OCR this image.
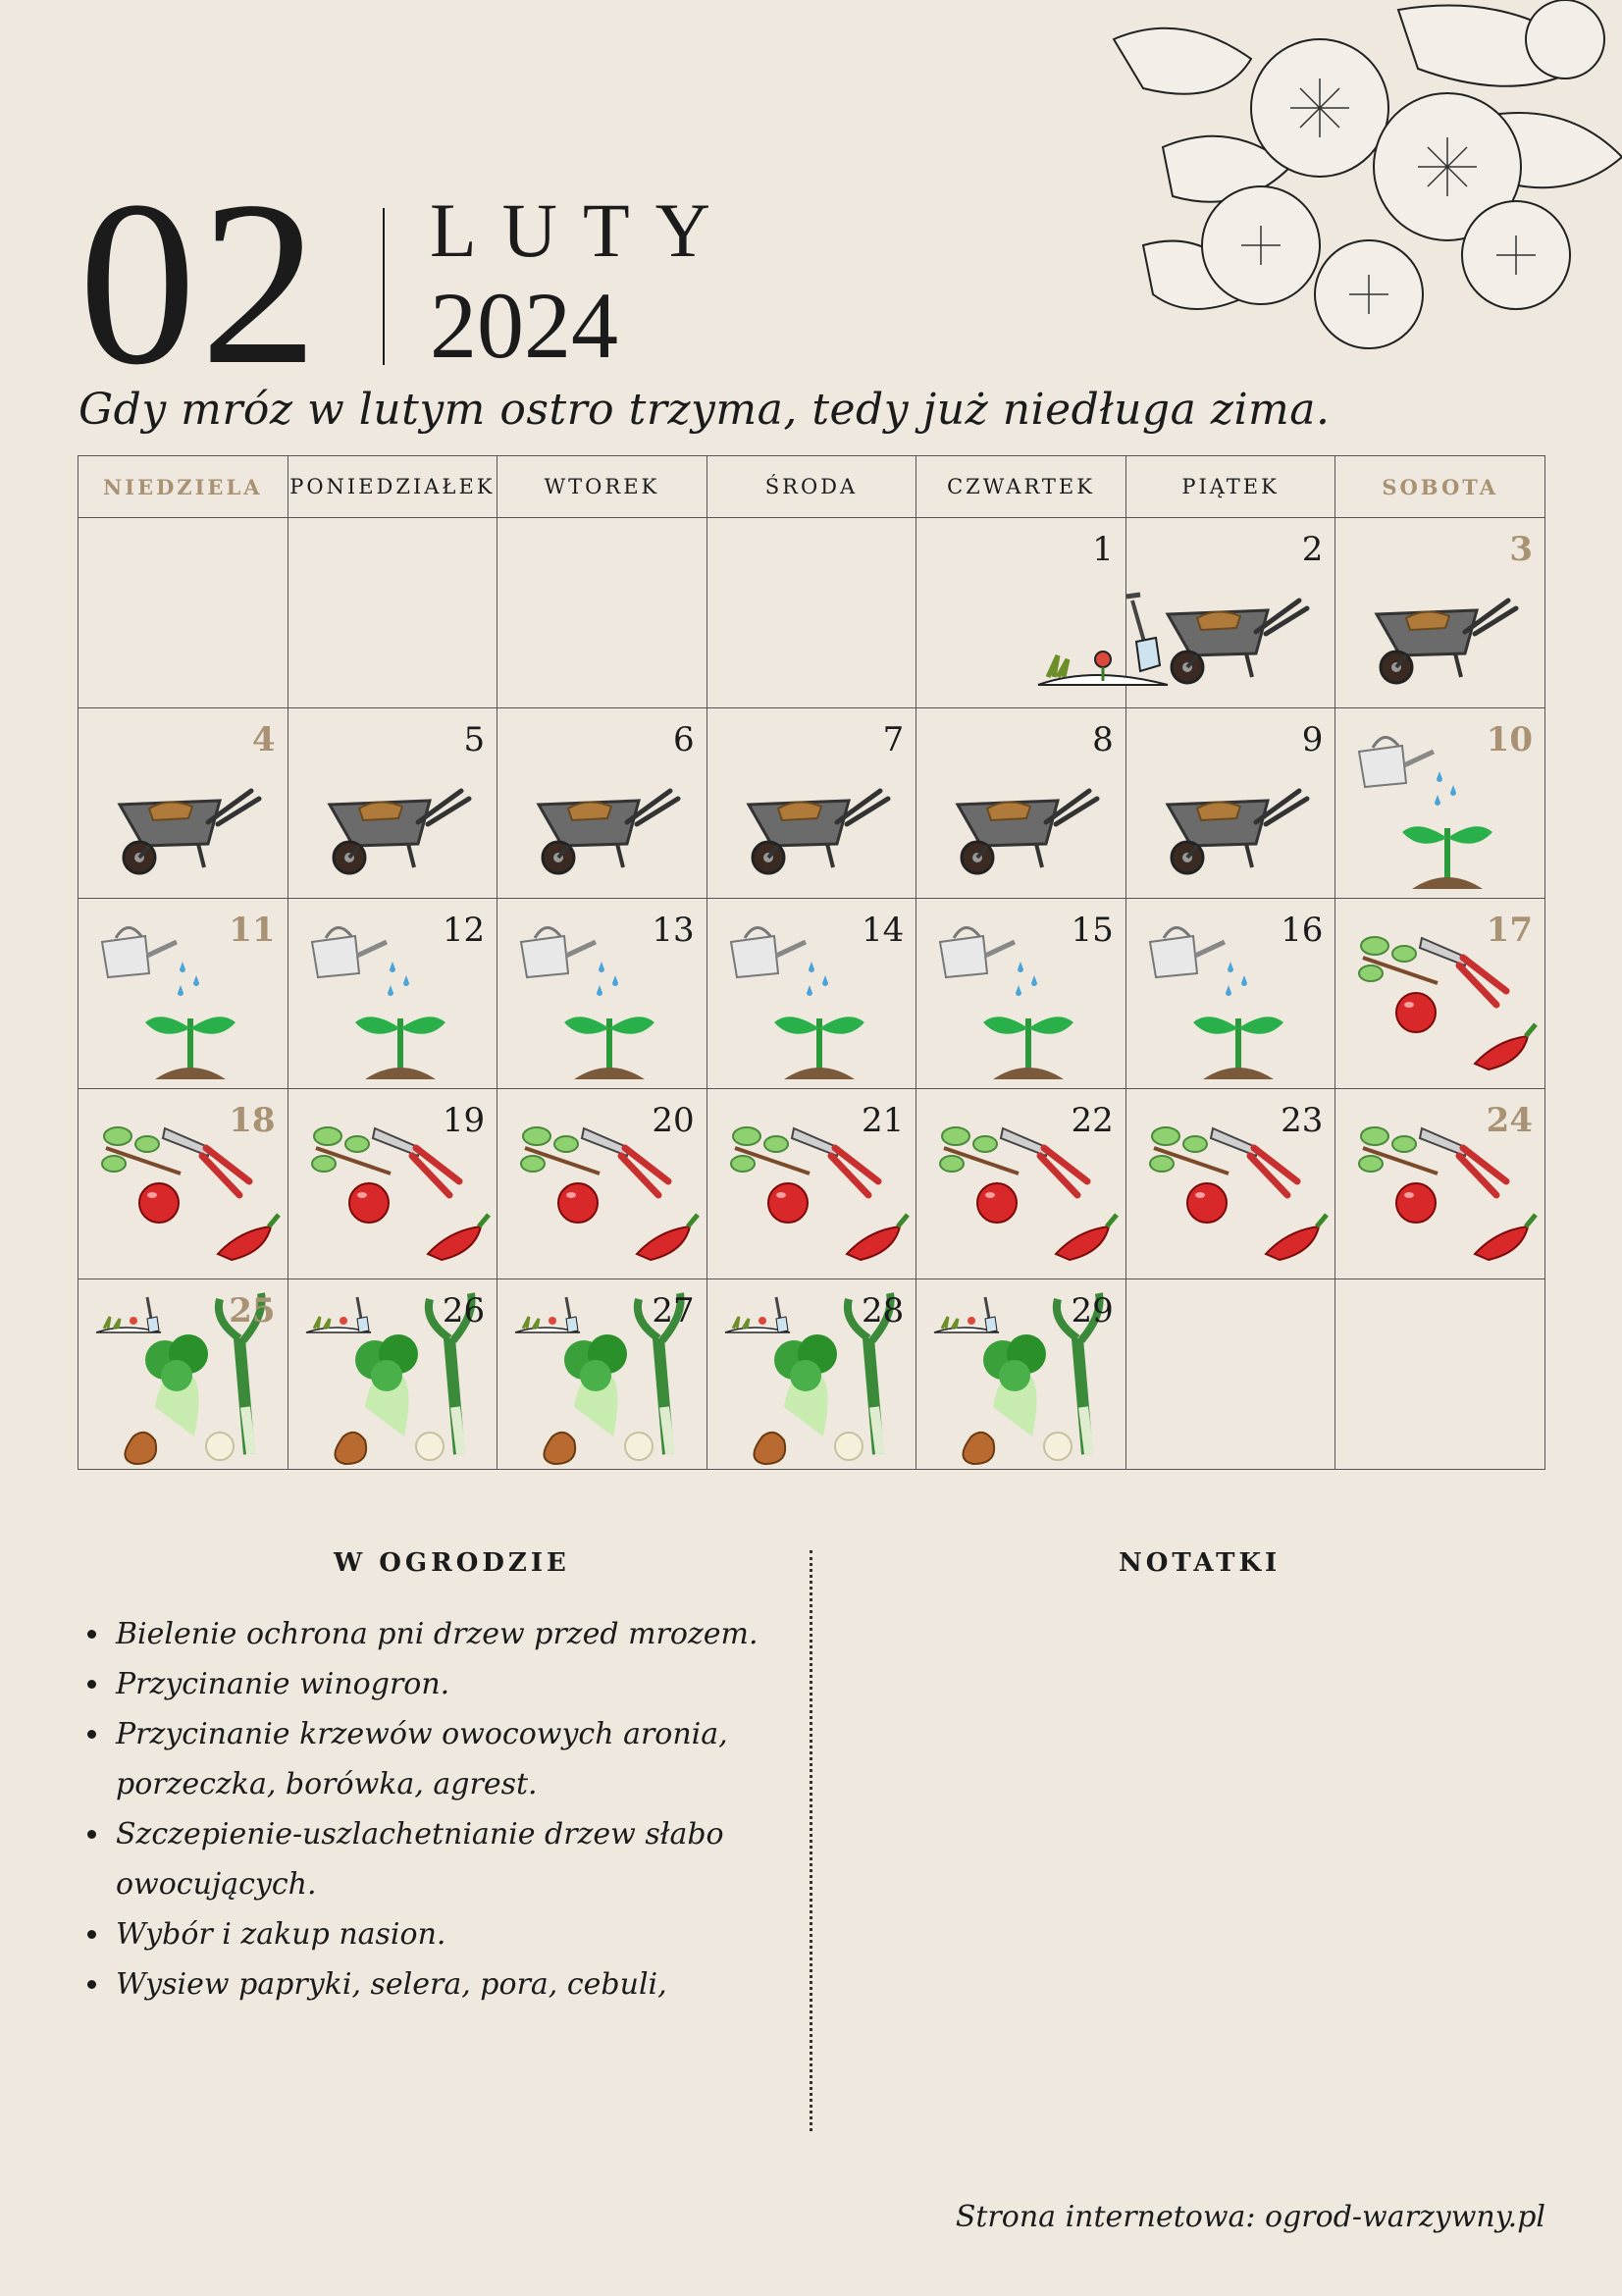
02 LUTY
2024
Gdy mróz w lutym ostro trzyma, tedy już niedługa zima.
NIEDZIELA	PONIEDZIAŁEK	WTOREK	ŚRODA	CZWARTEK	PIĄTEK	SOBOTA

				1	2	3

4	5	6	7	8	9	10

11	12	13	14	15	16	17

18	19	20	21	22	23	24

25	26	27	28	29		

W OGRODZIE	NOTATKI
• Bielenie ochrona pni drzew przed mrozem.
• Przycinanie winogron.
• Przycinanie krzewów owocowych aronia, porzeczka, borówka, agrest.
• Szczepienie-uszlachetnianie drzew słabo owocujących.
• Wybór i zakup nasion.
• Wysiew papryki, selera, pora, cebuli,
Strona internetowa: ogrod-warzywny.pl
